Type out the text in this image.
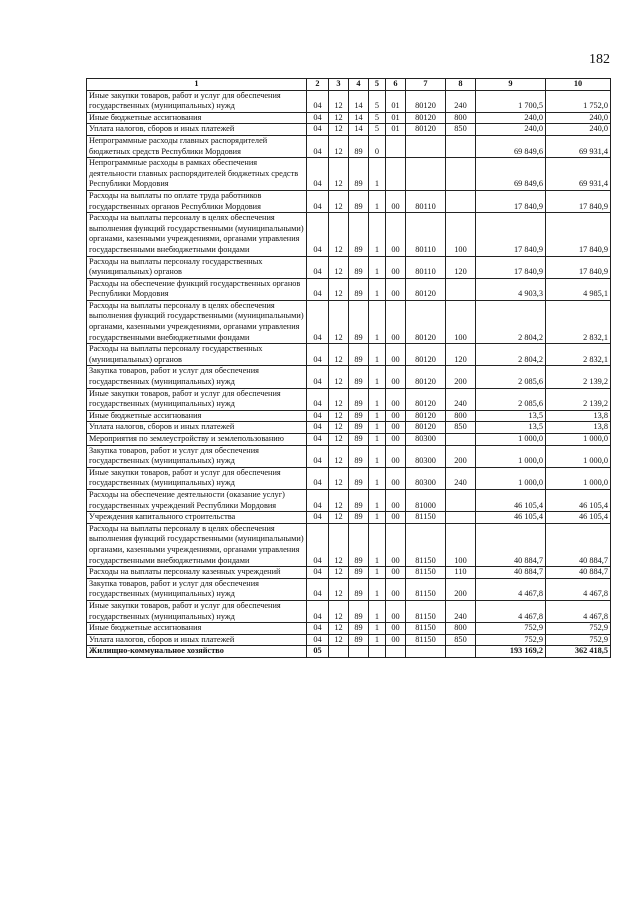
182
1	2	3	4	5	6	7	8	9	10
Иные закупки товаров, работ и услуг для обеспечения государственных (муниципальных) нужд	04	12	14	5	01	80120	240	1 700,5	1 752,0
Иные бюджетные ассигнования	04	12	14	5	01	80120	800	240,0	240,0
Уплата налогов, сборов и иных платежей	04	12	14	5	01	80120	850	240,0	240,0
Непрограммные расходы главных распорядителей бюджетных средств Республики Мордовия	04	12	89	0				69 849,6	69 931,4
Непрограммные расходы в рамках обеспечения деятельности главных распорядителей бюджетных средств Республики Мордовия	04	12	89	1				69 849,6	69 931,4
Расходы на выплаты по оплате труда работников государственных органов Республики Мордовия	04	12	89	1	00	80110		17 840,9	17 840,9
Расходы на выплаты персоналу в целях обеспечения выполнения функций государственными (муниципальными) органами, казенными учреждениями, органами управления государственными внебюджетными фондами	04	12	89	1	00	80110	100	17 840,9	17 840,9
Расходы на выплаты персоналу государственных (муниципальных) органов	04	12	89	1	00	80110	120	17 840,9	17 840,9
Расходы на обеспечение функций государственных органов Республики Мордовия	04	12	89	1	00	80120		4 903,3	4 985,1
Расходы на выплаты персоналу в целях обеспечения выполнения функций государственными (муниципальными) органами, казенными учреждениями, органами управления государственными внебюджетными фондами	04	12	89	1	00	80120	100	2 804,2	2 832,1
Расходы на выплаты персоналу государственных (муниципальных) органов	04	12	89	1	00	80120	120	2 804,2	2 832,1
Закупка товаров, работ и услуг для обеспечения государственных (муниципальных) нужд	04	12	89	1	00	80120	200	2 085,6	2 139,2
Иные закупки товаров, работ и услуг для обеспечения государственных (муниципальных) нужд	04	12	89	1	00	80120	240	2 085,6	2 139,2
Иные бюджетные ассигнования	04	12	89	1	00	80120	800	13,5	13,8
Уплата налогов, сборов и иных платежей	04	12	89	1	00	80120	850	13,5	13,8
Мероприятия по землеустройству и землепользованию	04	12	89	1	00	80300		1 000,0	1 000,0
Закупка товаров, работ и услуг для обеспечения государственных (муниципальных) нужд	04	12	89	1	00	80300	200	1 000,0	1 000,0
Иные закупки товаров, работ и услуг для обеспечения государственных (муниципальных) нужд	04	12	89	1	00	80300	240	1 000,0	1 000,0
Расходы на обеспечение деятельности (оказание услуг) государственных учреждений Республики Мордовия	04	12	89	1	00	81000		46 105,4	46 105,4
Учреждения капитального строительства	04	12	89	1	00	81150		46 105,4	46 105,4
Расходы на выплаты персоналу в целях обеспечения выполнения функций государственными (муниципальными) органами, казенными учреждениями, органами управления государственными внебюджетными фондами	04	12	89	1	00	81150	100	40 884,7	40 884,7
Расходы на выплаты персоналу казенных учреждений	04	12	89	1	00	81150	110	40 884,7	40 884,7
Закупка товаров, работ и услуг для обеспечения государственных (муниципальных) нужд	04	12	89	1	00	81150	200	4 467,8	4 467,8
Иные закупки товаров, работ и услуг для обеспечения государственных (муниципальных) нужд	04	12	89	1	00	81150	240	4 467,8	4 467,8
Иные бюджетные ассигнования	04	12	89	1	00	81150	800	752,9	752,9
Уплата налогов, сборов и иных платежей	04	12	89	1	00	81150	850	752,9	752,9
Жилищно-коммунальное хозяйство	05							193 169,2	362 418,5
